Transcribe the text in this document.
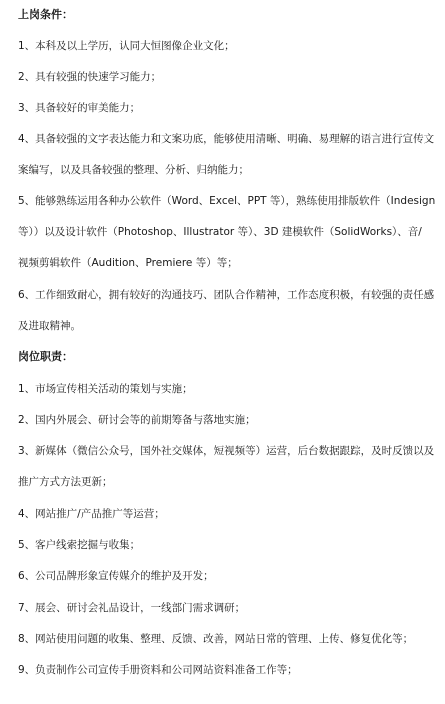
上岗条件：
1、本科及以上学历，认同大恒图像企业文化；
2、具有较强的快速学习能力；
3、具备较好的审美能力；
4、具备较强的文字表达能力和文案功底，能够使用清晰、明确、易理解的语言进行宣传文
案编写，以及具备较强的整理、分析、归纳能力；
5、能够熟练运用各种办公软件（Word、Excel、PPT 等），熟练使用排版软件（Indesign
等））以及设计软件（Photoshop、Illustrator 等）、3D 建模软件（SolidWorks）、音/
视频剪辑软件（Audition、Premiere 等）等；
6、工作细致耐心，拥有较好的沟通技巧、团队合作精神，工作态度积极，有较强的责任感
及进取精神。
岗位职责：
1、市场宣传相关活动的策划与实施；
2、国内外展会、研讨会等的前期筹备与落地实施；
3、新媒体（微信公众号，国外社交媒体，短视频等）运营，后台数据跟踪，及时反馈以及
推广方式方法更新；
4、网站推广/产品推广等运营；
5、客户线索挖掘与收集；
6、公司品牌形象宣传媒介的维护及开发；
7、展会、研讨会礼品设计，一线部门需求调研；
8、网站使用问题的收集、整理、反馈、改善，网站日常的管理、上传、修复优化等；
9、负责制作公司宣传手册资料和公司网站资料准备工作等；
